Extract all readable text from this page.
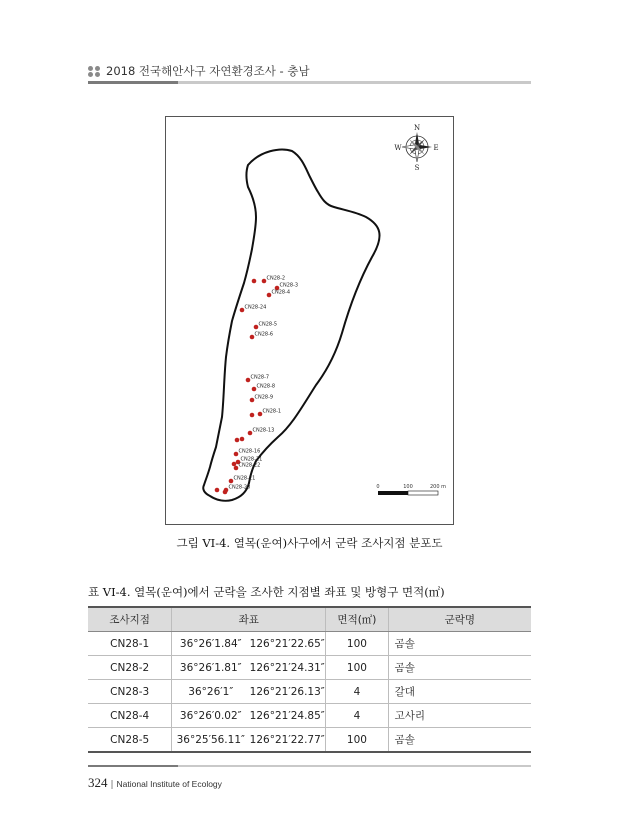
2018 전국해안사구 자연환경조사 - 충남
N
S
E
W
CN28-2
CN28-3
CN28-4
CN28-24
CN28-5
CN28-6
CN28-7
CN28-8
CN28-9
CN28-1
CN28-13
CN28-16
CN28-21
CN28-22
CN28-21
CN28-20	0	100	200 m
그림 VI-4. 열목(운여)사구에서 군락 조사지점 분포도
표 VI-4. 열목(운여)에서 군락을 조사한 지점별 좌표 및 방형구 면적(㎡)
조사지점	좌표		면적(㎡)	군락명
CN28-1	36°26′1.84″	126°21′22.65″	100	곰솔
CN28-2	36°26′1.81″	126°21′24.31″	100	곰솔
CN28-3	36°26′1″	126°21′26.13″	4	갈대
CN28-4	36°26′0.02″	126°21′24.85″	4	고사리
CN28-5	36°25′56.11″	126°21′22.77″	100	곰솔
324 | National Institute of Ecology
